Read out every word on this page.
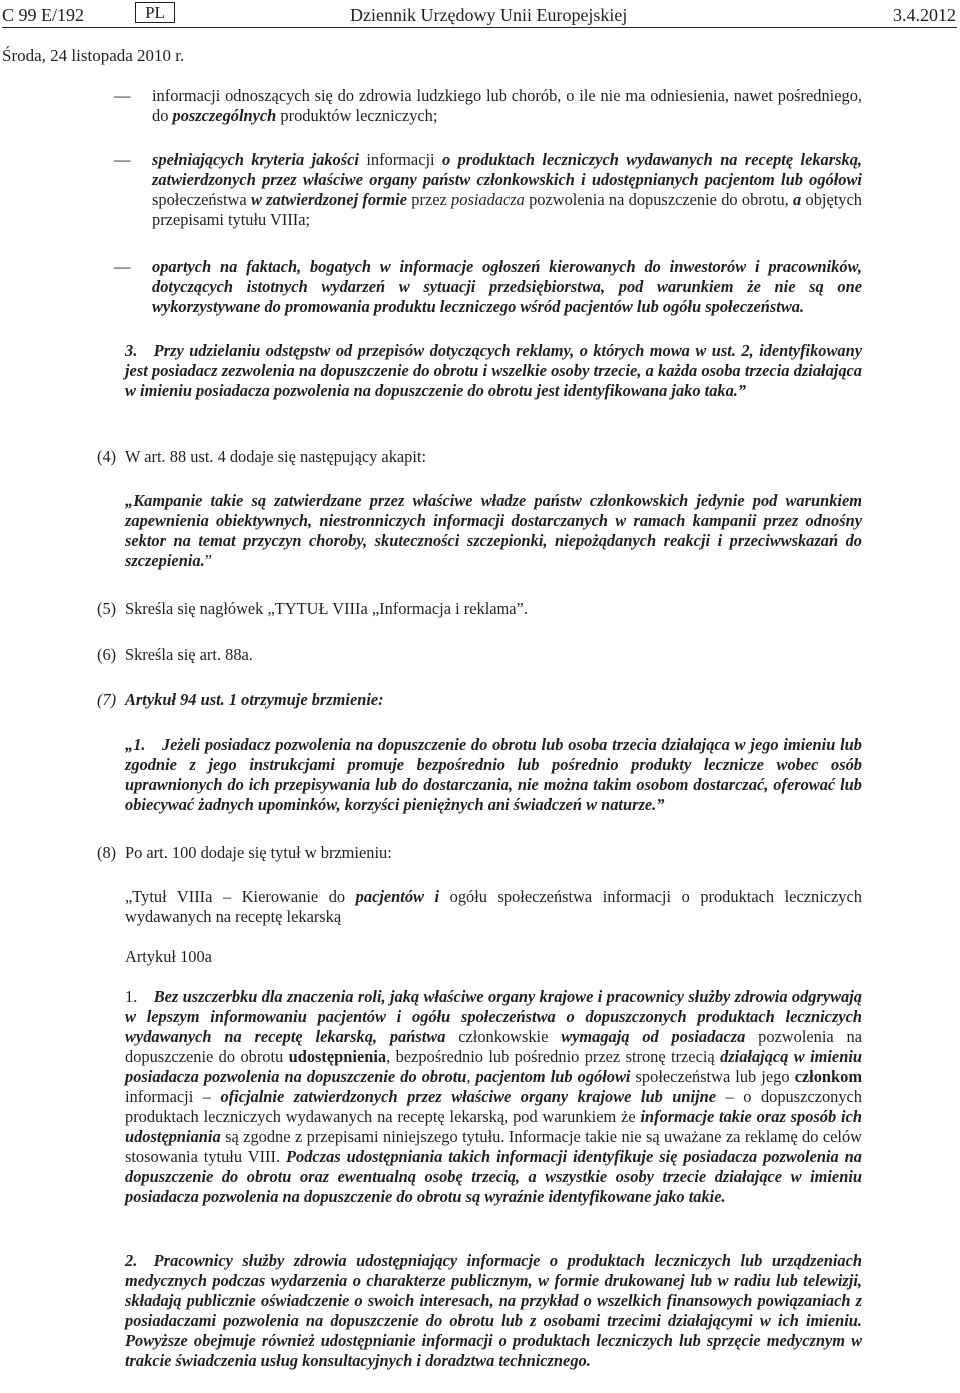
C 99 E/192	PL	Dziennik Urzędowy Unii Europejskiej	3.4.2012
Środa, 24 listopada 2010 r.
— informacji odnoszących się do zdrowia ludzkiego lub chorób, o ile nie ma odniesienia, nawet pośredniego, do poszczególnych produktów leczniczych;
— spełniających kryteria jakości informacji o produktach leczniczych wydawanych na receptę lekarską, zatwierdzonych przez właściwe organy państw członkowskich i udostępnianych pacjentom lub ogółowi społeczeństwa w zatwierdzonej formie przez posiadacza pozwolenia na dopuszczenie do obrotu, a objętych przepisami tytułu VIIIa;
— opartych na faktach, bogatych w informacje ogłoszeń kierowanych do inwestorów i pracowników, dotyczących istotnych wydarzeń w sytuacji przedsiębiorstwa, pod warunkiem że nie są one wykorzystywane do promowania produktu leczniczego wśród pacjentów lub ogółu społeczeństwa.
3. Przy udzielaniu odstępstw od przepisów dotyczących reklamy, o których mowa w ust. 2, identyfikowany jest posiadacz zezwolenia na dopuszczenie do obrotu i wszelkie osoby trzecie, a każda osoba trzecia działająca w imieniu posiadacza pozwolenia na dopuszczenie do obrotu jest identyfikowana jako taka.”
(4) W art. 88 ust. 4 dodaje się następujący akapit:
„Kampanie takie są zatwierdzane przez właściwe władze państw członkowskich jedynie pod warunkiem zapewnienia obiektywnych, niestronniczych informacji dostarczanych w ramach kampanii przez odnośny sektor na temat przyczyn choroby, skuteczności szczepionki, niepożądanych reakcji i przeciwwskazań do szczepienia.”
(5) Skreśla się nagłówek „TYTUŁ VIIIa „Informacja i reklama”.
(6) Skreśla się art. 88a.
(7) Artykuł 94 ust. 1 otrzymuje brzmienie:
„1. Jeżeli posiadacz pozwolenia na dopuszczenie do obrotu lub osoba trzecia działająca w jego imieniu lub zgodnie z jego instrukcjami promuje bezpośrednio lub pośrednio produkty lecznicze wobec osób uprawnionych do ich przepisywania lub do dostarczania, nie można takim osobom dostarczać, oferować lub obiecywać żadnych upominków, korzyści pieniężnych ani świadczeń w naturze.”
(8) Po art. 100 dodaje się tytuł w brzmieniu:
„Tytuł VIIIa – Kierowanie do pacjentów i ogółu społeczeństwa informacji o produktach leczniczych wydawanych na receptę lekarską
Artykuł 100a
1. Bez uszczerbku dla znaczenia roli, jaką właściwe organy krajowe i pracownicy służby zdrowia odgrywają w lepszym informowaniu pacjentów i ogółu społeczeństwa o dopuszczonych produktach leczniczych wydawanych na receptę lekarską, państwa członkowskie wymagają od posiadacza pozwolenia na dopuszczenie do obrotu udostępnienia, bezpośrednio lub pośrednio przez stronę trzecią działającą w imieniu posiadacza pozwolenia na dopuszczenie do obrotu, pacjentom lub ogółowi społeczeństwa lub jego członkom informacji – oficjalnie zatwierdzonych przez właściwe organy krajowe lub unijne – o dopuszczonych produktach leczniczych wydawanych na receptę lekarską, pod warunkiem że informacje takie oraz sposób ich udostępniania są zgodne z przepisami niniejszego tytułu. Informacje takie nie są uważane za reklamę do celów stosowania tytułu VIII. Podczas udostępniania takich informacji identyfikuje się posiadacza pozwolenia na dopuszczenie do obrotu oraz ewentualną osobę trzecią, a wszystkie osoby trzecie działające w imieniu posiadacza pozwolenia na dopuszczenie do obrotu są wyraźnie identyfikowane jako takie.
2. Pracownicy służby zdrowia udostępniający informacje o produktach leczniczych lub urządzeniach medycznych podczas wydarzenia o charakterze publicznym, w formie drukowanej lub w radiu lub telewizji, składają publicznie oświadczenie o swoich interesach, na przykład o wszelkich finansowych powiązaniach z posiadaczami pozwolenia na dopuszczenie do obrotu lub z osobami trzecimi działającymi w ich imieniu. Powyższe obejmuje również udostępnianie informacji o produktach leczniczych lub sprzęcie medycznym w trakcie świadczenia usług konsultacyjnych i doradztwa technicznego.
